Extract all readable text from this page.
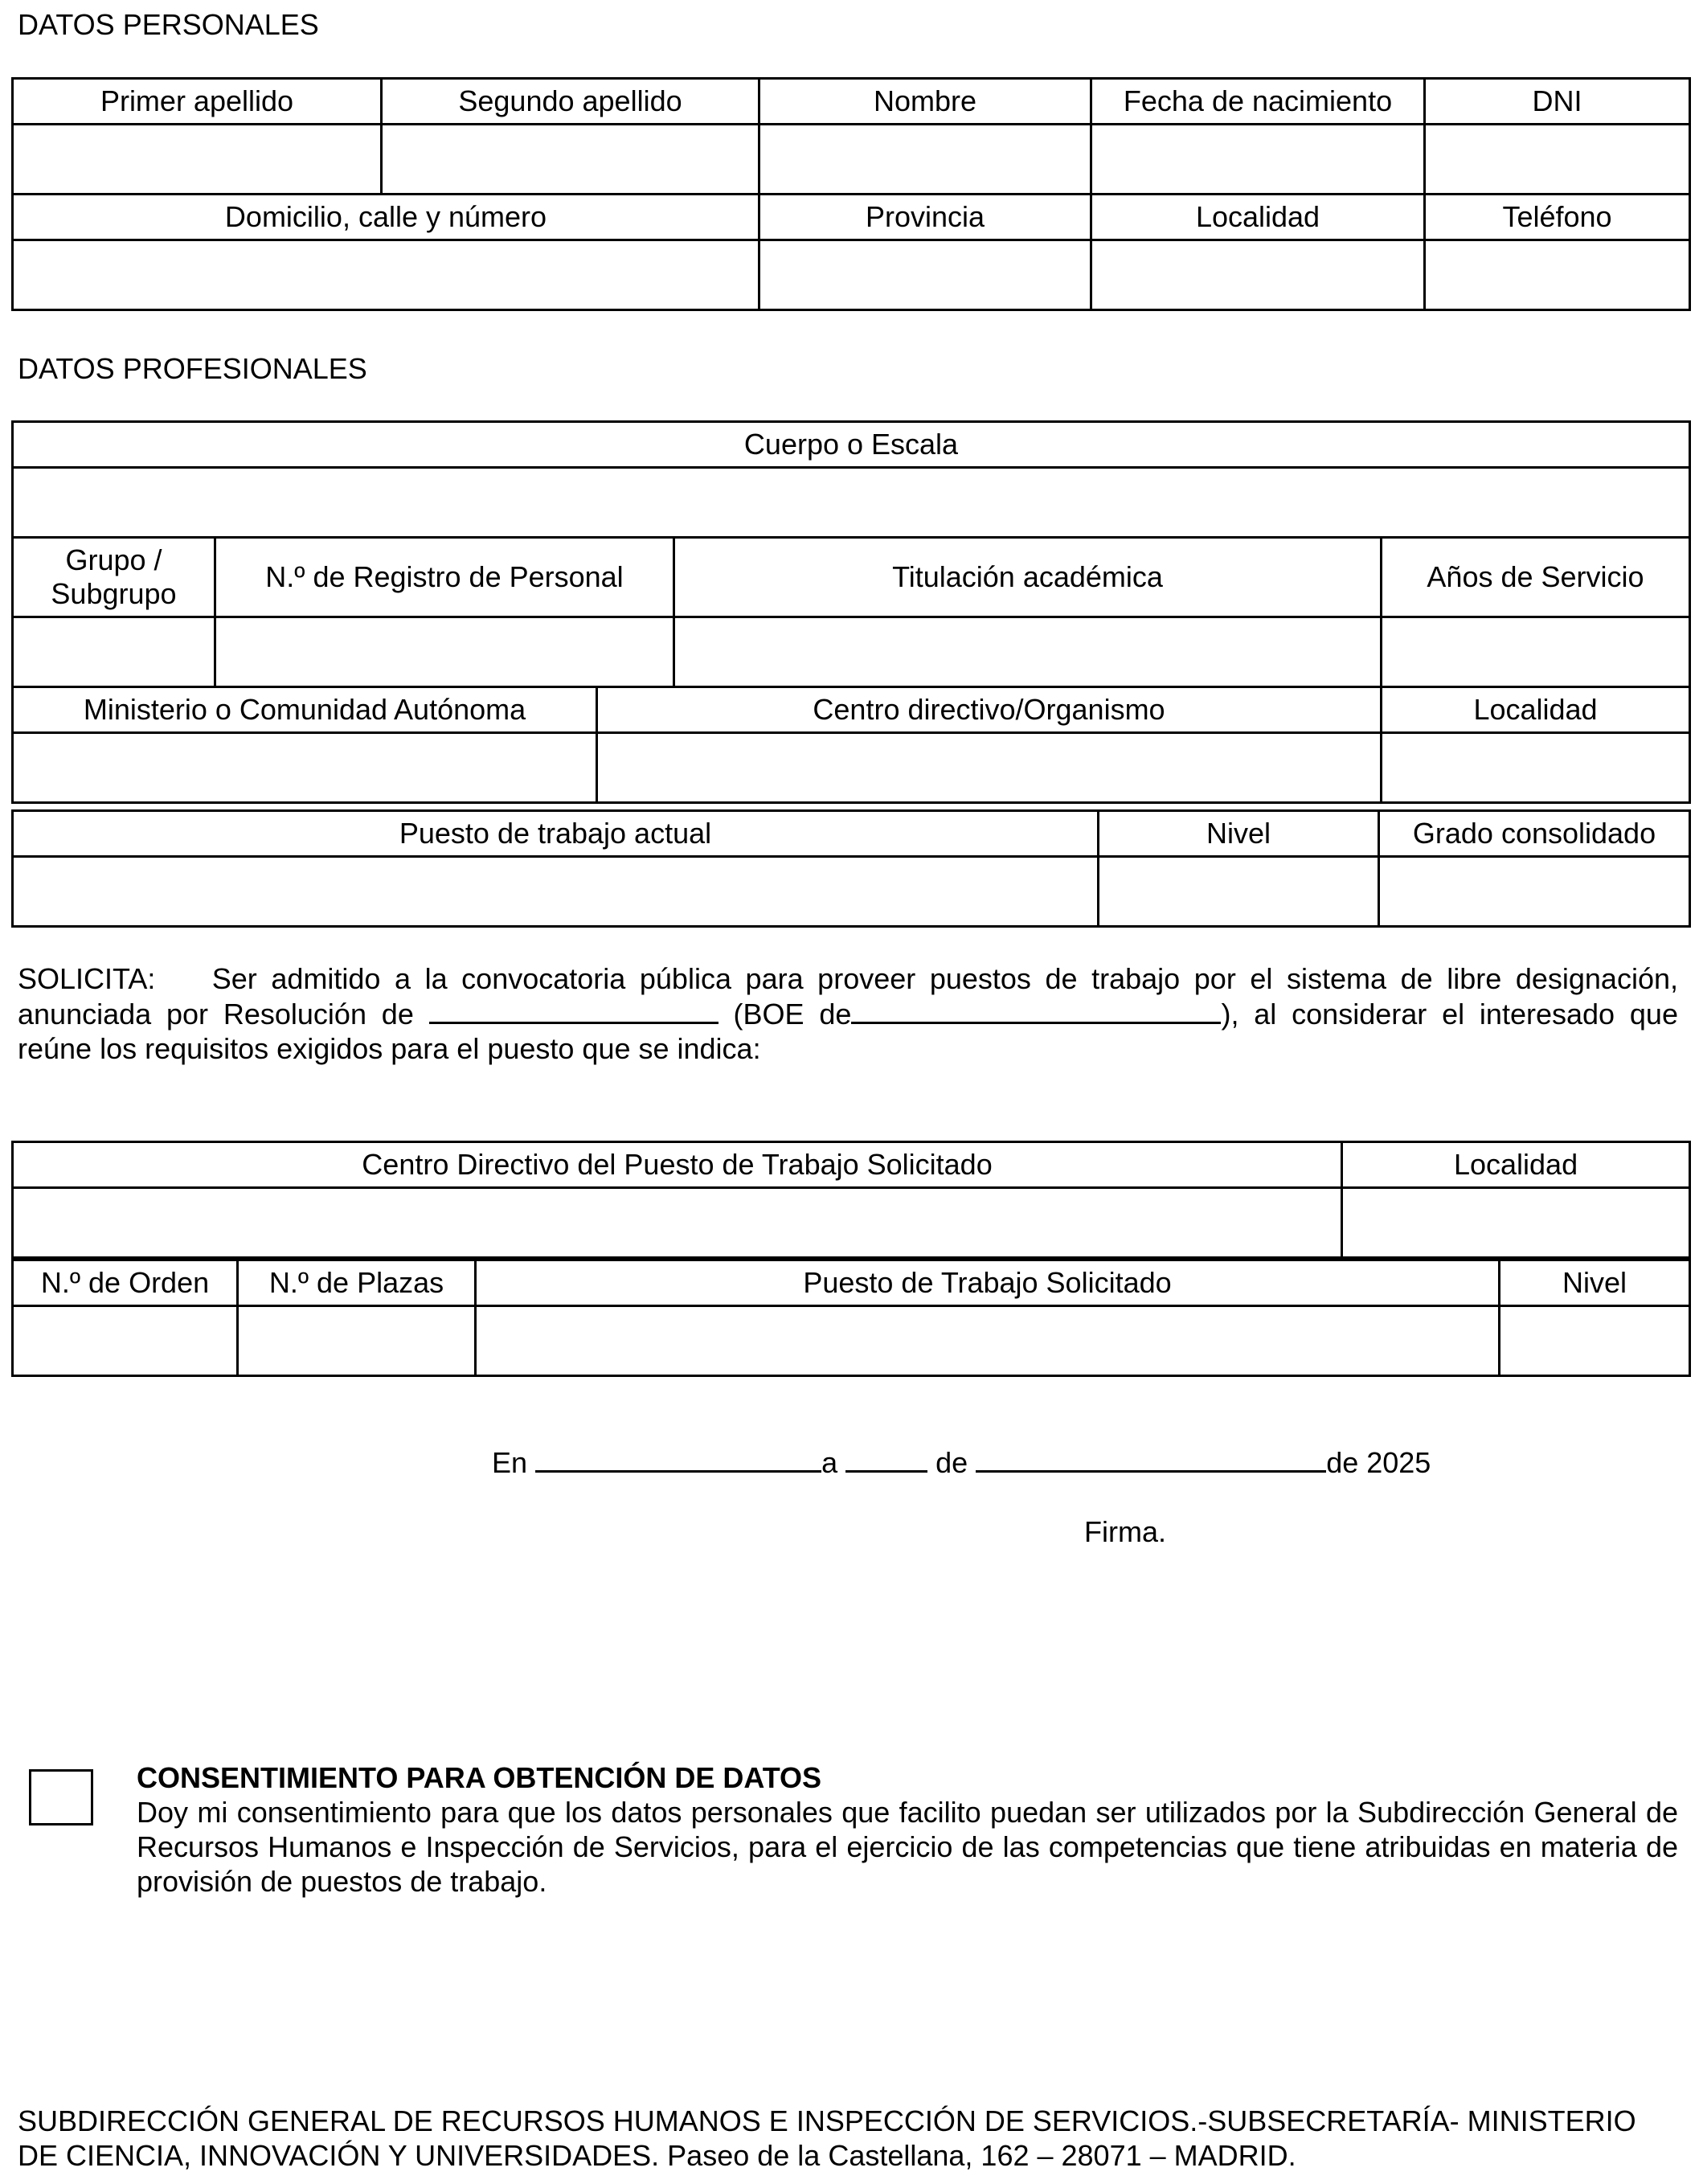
DATOS PERSONALES
Primer apellido	Segundo apellido	Nombre	Fecha de nacimiento	DNI

Domicilio, calle y número		Provincia	Localidad	Teléfono

DATOS PROFESIONALES
Cuerpo o Escala				

Grupo / Subgrupo	N.º de Registro de Personal		Titulación académica	Años de Servicio

Ministerio o Comunidad Autónoma		Centro directivo/Organismo		Localidad

Puesto de trabajo actual	Nivel	Grado consolidado

SOLICITA: Ser admitido a la convocatoria pública para proveer puestos de trabajo por el sistema de libre designación, anunciada por Resolución de	(BOE de	), al considerar el interesado que reúne los requisitos exigidos para el puesto que se indica:
Centro Directivo del Puesto de Trabajo Solicitado	Localidad

N.º de Orden	N.º de Plazas	Puesto de Trabajo Solicitado	Nivel

En	a	de	de 2025
Firma.
CONSENTIMIENTO PARA OBTENCIÓN DE DATOS
Doy mi consentimiento para que los datos personales que facilito puedan ser utilizados por la Subdirección General de Recursos Humanos e Inspección de Servicios, para el ejercicio de las competencias que tiene atribuidas en materia de provisión de puestos de trabajo.
SUBDIRECCIÓN GENERAL DE RECURSOS HUMANOS E INSPECCIÓN DE SERVICIOS.-SUBSECRETARÍA- MINISTERIO DE CIENCIA, INNOVACIÓN Y UNIVERSIDADES. Paseo de la Castellana, 162 – 28071 – MADRID.
